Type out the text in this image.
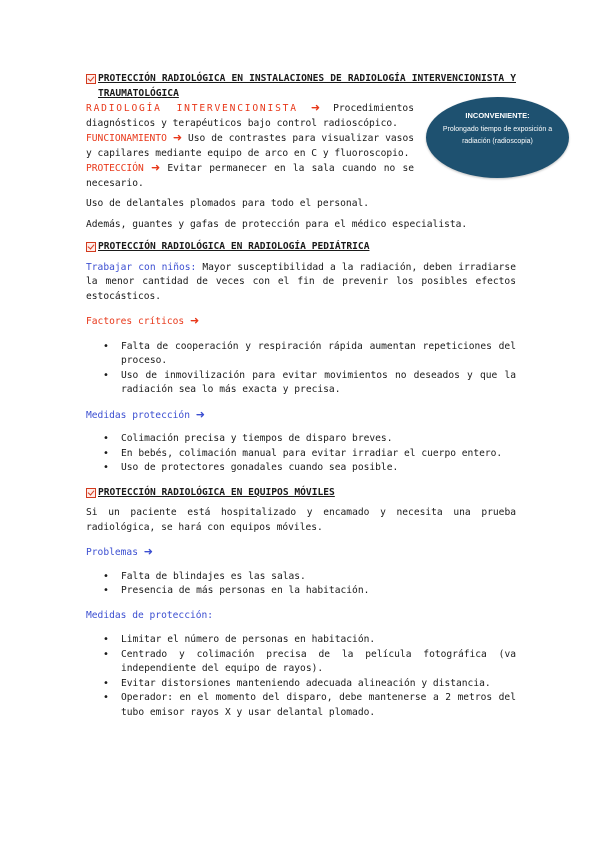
INCONVENIENTE:
Prolongado tiempo de exposición a radiación (radioscopia)
PROTECCIÓN RADIOLÓGICA EN INSTALACIONES DE RADIOLOGÍA INTERVENCIONISTA Y TRAUMATOLÓGICA

RADIOLOGÍA INTERVENCIONISTA ➜ Procedimientos diagnósticos y terapéuticos bajo control radioscópico.

FUNCIONAMIENTO ➜ Uso de contrastes para visualizar vasos y capilares mediante equipo de arco en C y fluoroscopio.

PROTECCIÓN ➜ Evitar permanecer en la sala cuando no se necesario.

Uso de delantales plomados para todo el personal.

Además, guantes y gafas de protección para el médico especialista.

PROTECCIÓN RADIOLÓGICA EN RADIOLOGÍA PEDIÁTRICA

Trabajar con niños: Mayor susceptibilidad a la radiación, deben irradiarse la menor cantidad de veces con el fin de prevenir los posibles efectos estocásticos.

Factores críticos ➜

• Falta de cooperación y respiración rápida aumentan repeticiones del proceso.
• Uso de inmovilización para evitar movimientos no deseados y que la radiación sea lo más exacta y precisa.

Medidas protección ➜

• Colimación precisa y tiempos de disparo breves.
• En bebés, colimación manual para evitar irradiar el cuerpo entero.
• Uso de protectores gonadales cuando sea posible.
PROTECCIÓN RADIOLÓGICA EN EQUIPOS MÓVILES

Si un paciente está hospitalizado y encamado y necesita una prueba radiológica, se hará con equipos móviles.

Problemas ➜

• Falta de blindajes es las salas.
• Presencia de más personas en la habitación.

Medidas de protección:

• Limitar el número de personas en habitación.
• Centrado y colimación precisa de la película fotográfica (va independiente del equipo de rayos).
• Evitar distorsiones manteniendo adecuada alineación y distancia.
• Operador: en el momento del disparo, debe mantenerse a 2 metros del tubo emisor rayos X y usar delantal plomado.
